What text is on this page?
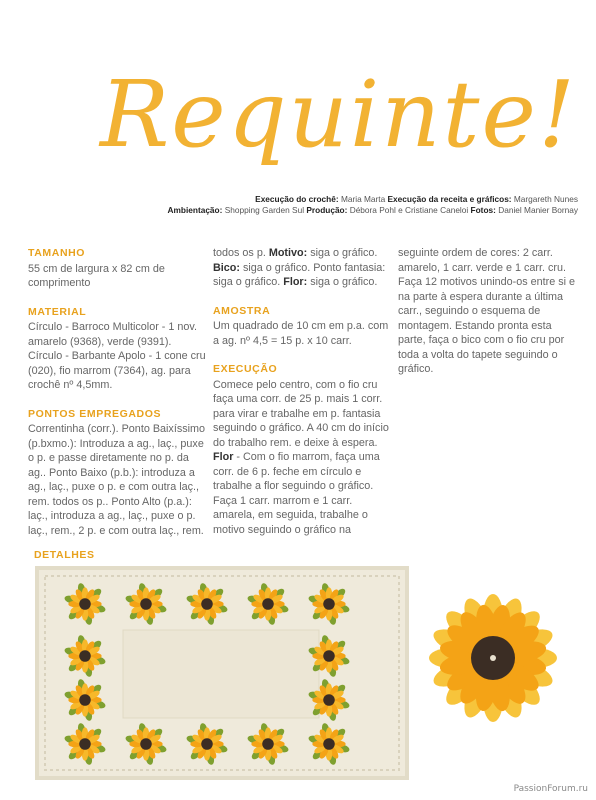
Requinte!
Execução do crochê: Maria Marta Execução da receita e gráficos: Margareth Nunes
Ambientação: Shopping Garden Sul Produção: Débora Pohl e Cristiane Caneloi Fotos: Daniel Manier Bornay
TAMANHO
55 cm de largura x 82 cm de comprimento
MATERIAL
Círculo - Barroco Multicolor - 1 nov. amarelo (9368), verde (9391). Círculo - Barbante Apolo - 1 cone cru (020), fio marrom (7364), ag. para crochê nº 4,5mm.
PONTOS EMPREGADOS
Correntinha (corr.). Ponto Baixíssimo (p.bxmo.): Introduza a ag., laç., puxe o p. e passe diretamente no p. da ag.. Ponto Baixo (p.b.): introduza a ag., laç., puxe o p. e com outra laç., rem. todos os p.. Ponto Alto (p.a.): laç., introduza a ag., laç., puxe o p. laç., rem., 2 p. e com outra laç., rem.
todos os p. Motivo: siga o gráfico. Bico: siga o gráfico. Ponto fantasia: siga o gráfico. Flor: siga o gráfico.
AMOSTRA
Um quadrado de 10 cm em p.a. com a ag. nº 4,5 = 15 p. x 10 carr.
EXECUÇÃO
Comece pelo centro, com o fio cru faça uma corr. de 25 p. mais 1 corr. para virar e trabalhe em p. fantasia seguindo o gráfico. A 40 cm do início do trabalho rem. e deixe à espera. Flor - Com o fio marrom, faça uma corr. de 6 p. feche em círculo e trabalhe a flor seguindo o gráfico. Faça 1 carr. marrom e 1 carr. amarela, em seguida, trabalhe o motivo seguindo o gráfico na
seguinte ordem de cores: 2 carr. amarelo, 1 carr. verde e 1 carr. cru. Faça 12 motivos unindo-os entre si e na parte à espera durante a última carr., seguindo o esquema de montagem. Estando pronta esta parte, faça o bico com o fio cru por toda a volta do tapete seguindo o gráfico.
DETALHES
PassionForum.ru
